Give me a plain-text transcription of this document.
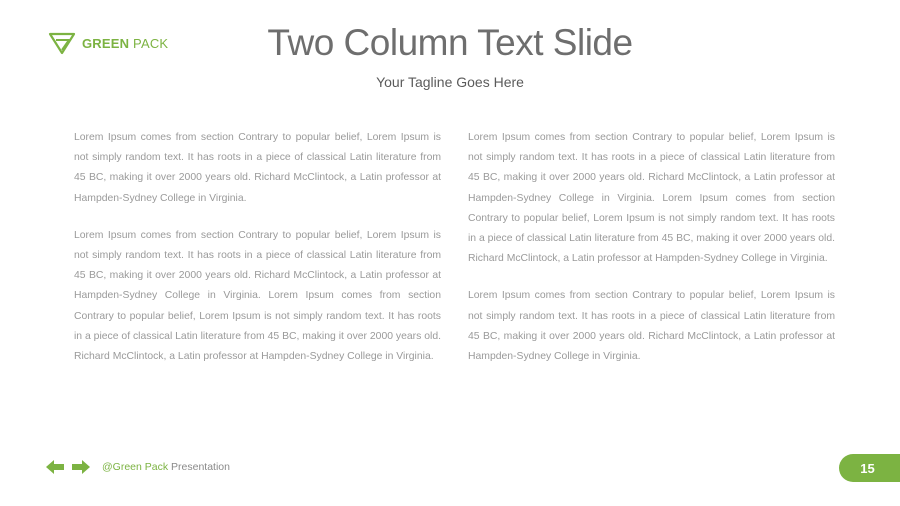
GREEN PACK	Two Column Text Slide
Your Tagline Goes Here

Lorem Ipsum comes from section Contrary to popular belief, Lorem Ipsum is not simply random text. It has roots in a piece of classical Latin literature from 45 BC, making it over 2000 years old. Richard McClintock, a Latin professor at Hampden-Sydney College in Virginia.

Lorem Ipsum comes from section Contrary to popular belief, Lorem Ipsum is not simply random text. It has roots in a piece of classical Latin literature from 45 BC, making it over 2000 years old. Richard McClintock, a Latin professor at Hampden-Sydney College in Virginia. Lorem Ipsum comes from section Contrary to popular belief, Lorem Ipsum is not simply random text. It has roots in a piece of classical Latin literature from 45 BC, making it over 2000 years old. Richard McClintock, a Latin professor at Hampden-Sydney College in Virginia.

Lorem Ipsum comes from section Contrary to popular belief, Lorem Ipsum is not simply random text. It has roots in a piece of classical Latin literature from 45 BC, making it over 2000 years old. Richard McClintock, a Latin professor at Hampden-Sydney College in Virginia. Lorem Ipsum comes from section Contrary to popular belief, Lorem Ipsum is not simply random text. It has roots in a piece of classical Latin literature from 45 BC, making it over 2000 years old. Richard McClintock, a Latin professor at Hampden-Sydney College in Virginia.

Lorem Ipsum comes from section Contrary to popular belief, Lorem Ipsum is not simply random text. It has roots in a piece of classical Latin literature from 45 BC, making it over 2000 years old. Richard McClintock, a Latin professor at Hampden-Sydney College in Virginia.

@Green Pack Presentation	15
